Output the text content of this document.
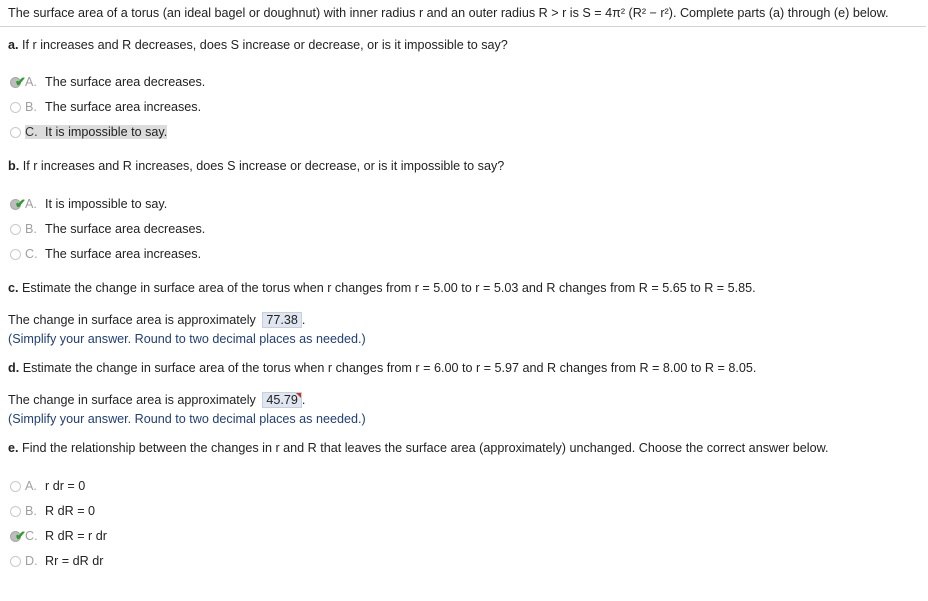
The surface area of a torus (an ideal bagel or doughnut) with inner radius r and an outer radius R > r is S = 4π² (R² − r²). Complete parts (a) through (e) below.
a. If r increases and R decreases, does S increase or decrease, or is it impossible to say?
✔ A. The surface area decreases.
B. The surface area increases.
C. It is impossible to say.
b. If r increases and R increases, does S increase or decrease, or is it impossible to say?
✔ A. It is impossible to say.
B. The surface area decreases.
C. The surface area increases.
c. Estimate the change in surface area of the torus when r changes from r = 5.00 to r = 5.03 and R changes from R = 5.65 to R = 5.85.
The change in surface area is approximately 77.38 .
(Simplify your answer. Round to two decimal places as needed.)
d. Estimate the change in surface area of the torus when r changes from r = 6.00 to r = 5.97 and R changes from R = 8.00 to R = 8.05.
The change in surface area is approximately 45.79 .
(Simplify your answer. Round to two decimal places as needed.)
e. Find the relationship between the changes in r and R that leaves the surface area (approximately) unchanged. Choose the correct answer below.
A. r dr = 0
B. R dR = 0
✔ C. R dR = r dr
D. Rr = dR dr
